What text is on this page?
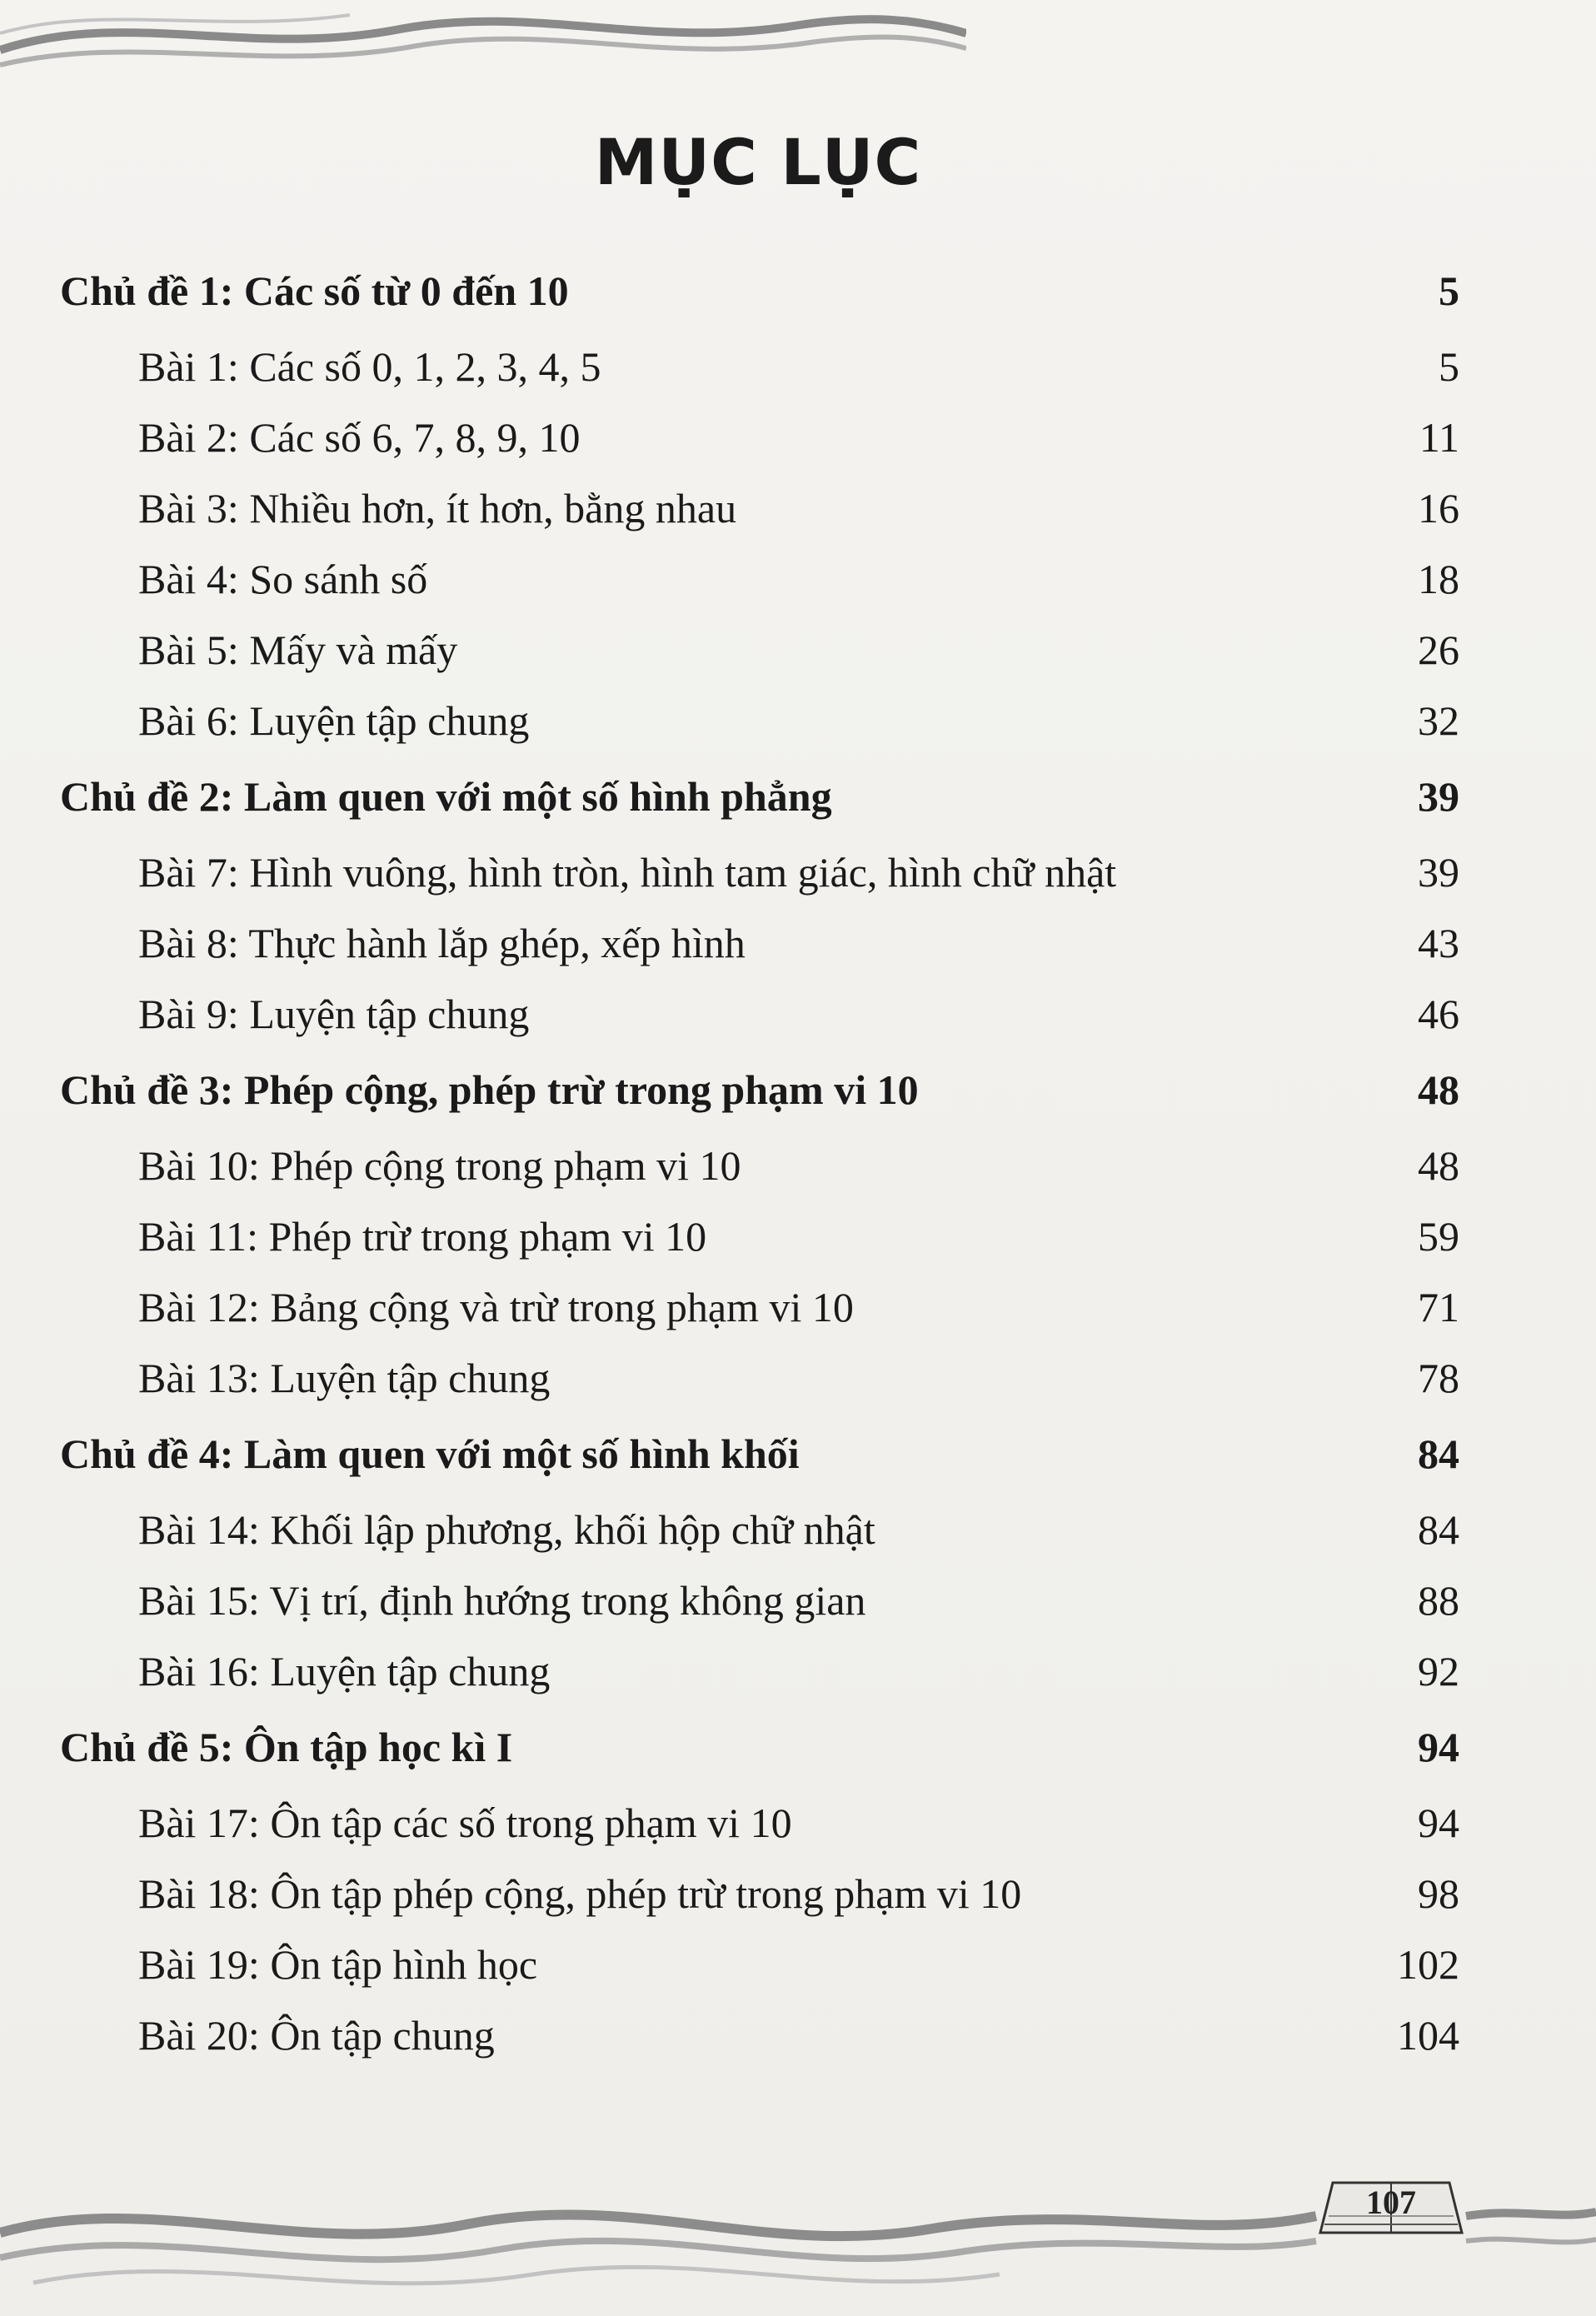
MỤC LỤC
Chủ đề 1: Các số từ 0 đến 10	5
Bài 1: Các số 0, 1, 2, 3, 4, 5	5
Bài 2: Các số 6, 7, 8, 9, 10	11
Bài 3: Nhiều hơn, ít hơn, bằng nhau	16
Bài 4: So sánh số	18
Bài 5: Mấy và mấy	26
Bài 6: Luyện tập chung	32
Chủ đề 2: Làm quen với một số hình phẳng	39
Bài 7: Hình vuông, hình tròn, hình tam giác, hình chữ nhật	39
Bài 8: Thực hành lắp ghép, xếp hình	43
Bài 9: Luyện tập chung	46
Chủ đề 3: Phép cộng, phép trừ trong phạm vi 10	48
Bài 10: Phép cộng trong phạm vi 10	48
Bài 11: Phép trừ trong phạm vi 10	59
Bài 12: Bảng cộng và trừ trong phạm vi 10	71
Bài 13: Luyện tập chung	78
Chủ đề 4: Làm quen với một số hình khối	84
Bài 14: Khối lập phương, khối hộp chữ nhật	84
Bài 15: Vị trí, định hướng trong không gian	88
Bài 16: Luyện tập chung	92
Chủ đề 5: Ôn tập học kì I	94
Bài 17: Ôn tập các số trong phạm vi 10	94
Bài 18: Ôn tập phép cộng, phép trừ trong phạm vi 10	98
Bài 19: Ôn tập hình học	102
Bài 20: Ôn tập chung	104
107
